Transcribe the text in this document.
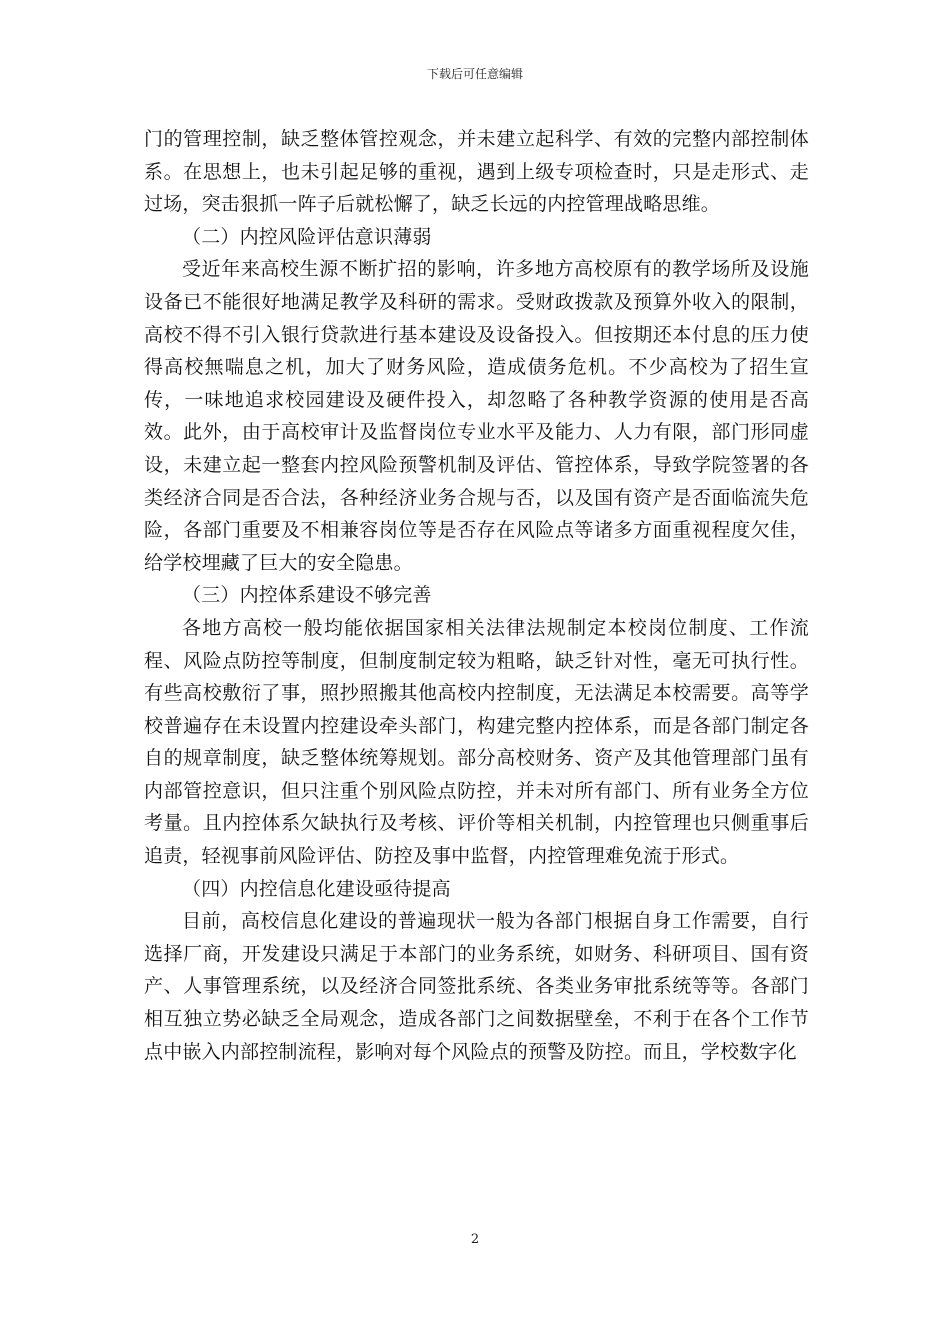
下载后可任意编辑

门的管理控制，缺乏整体管控观念，并未建立起科学、有效的完整内部控制体系。在思想上，也未引起足够的重视，遇到上级专项检查时，只是走形式、走过场，突击狠抓一阵子后就松懈了，缺乏长远的内控管理战略思维。

（二）内控风险评估意识薄弱

受近年来高校生源不断扩招的影响，许多地方高校原有的教学场所及设施设备已不能很好地满足教学及科研的需求。受财政拨款及预算外收入的限制，高校不得不引入银行贷款进行基本建设及设备投入。但按期还本付息的压力使得高校無喘息之机，加大了财务风险，造成债务危机。不少高校为了招生宣传，一味地追求校园建设及硬件投入，却忽略了各种教学资源的使用是否高效。此外，由于高校审计及监督岗位专业水平及能力、人力有限，部门形同虚设，未建立起一整套内控风险预警机制及评估、管控体系，导致学院签署的各类经济合同是否合法，各种经济业务合规与否，以及国有资产是否面临流失危险，各部门重要及不相兼容岗位等是否存在风险点等诸多方面重视程度欠佳，给学校埋藏了巨大的安全隐患。

（三）内控体系建设不够完善

各地方高校一般均能依据国家相关法律法规制定本校岗位制度、工作流程、风险点防控等制度，但制度制定较为粗略，缺乏针对性，毫无可执行性。有些高校敷衍了事，照抄照搬其他高校内控制度，无法满足本校需要。高等学校普遍存在未设置内控建设牵头部门，构建完整内控体系，而是各部门制定各自的规章制度，缺乏整体统筹规划。部分高校财务、资产及其他管理部门虽有内部管控意识，但只注重个别风险点防控，并未对所有部门、所有业务全方位考量。且内控体系欠缺执行及考核、评价等相关机制，内控管理也只侧重事后追责，轻视事前风险评估、防控及事中监督，内控管理难免流于形式。

（四）内控信息化建设亟待提高

目前，高校信息化建设的普遍现状一般为各部门根据自身工作需要，自行选择厂商，开发建设只满足于本部门的业务系统，如财务、科研项目、国有资产、人事管理系统，以及经济合同签批系统、各类业务审批系统等等。各部门相互独立势必缺乏全局观念，造成各部门之间数据壁垒，不利于在各个工作节点中嵌入内部控制流程，影响对每个风险点的预警及防控。而且，学校数字化

2
